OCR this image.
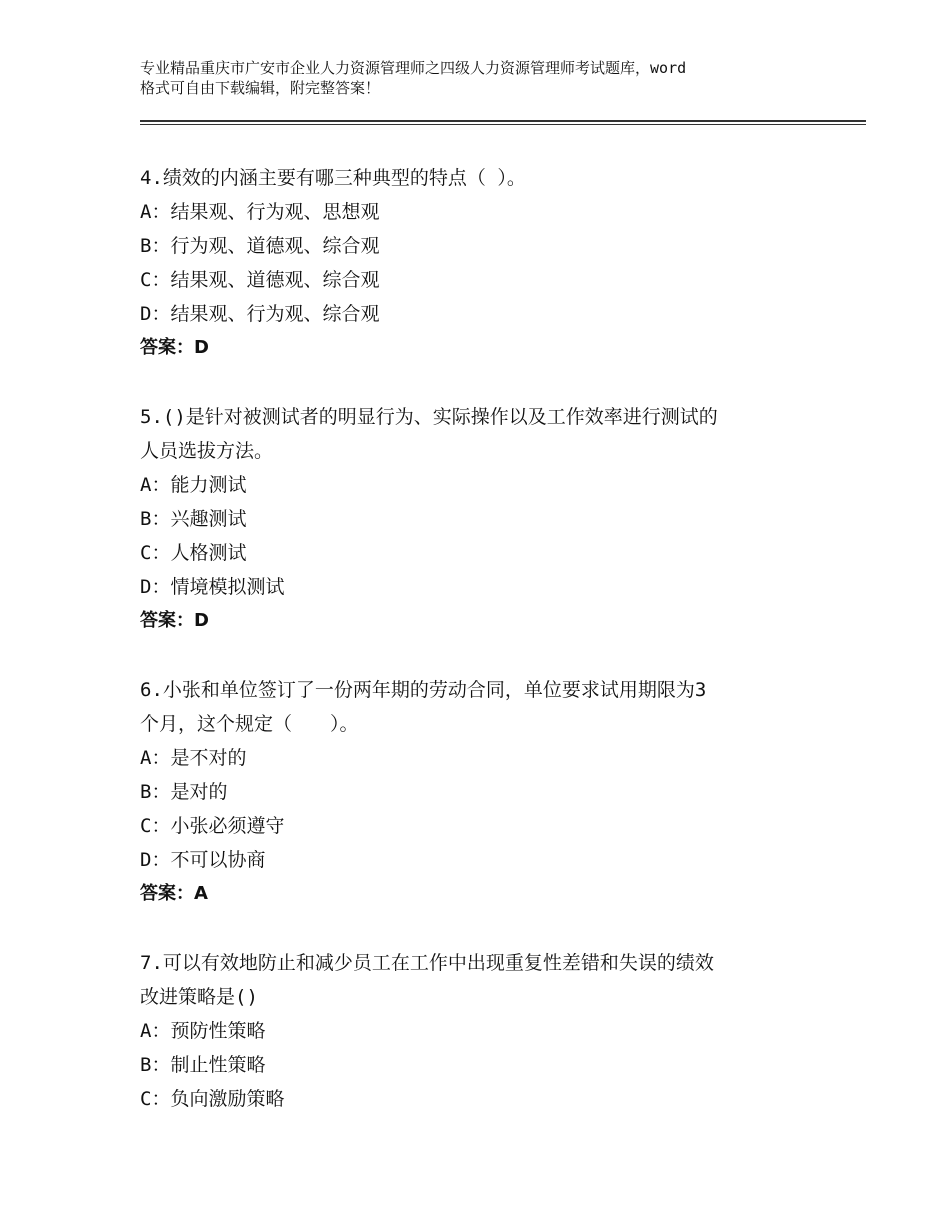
专业精品重庆市广安市企业人力资源管理师之四级人力资源管理师考试题库，word
格式可自由下载编辑，附完整答案！
4.绩效的内涵主要有哪三种典型的特点（ ）。
A：结果观、行为观、思想观
B：行为观、道德观、综合观
C：结果观、道德观、综合观
D：结果观、行为观、综合观
答案：D
5.()是针对被测试者的明显行为、实际操作以及工作效率进行测试的
人员选拔方法。
A：能力测试
B：兴趣测试
C：人格测试
D：情境模拟测试
答案：D
6.小张和单位签订了一份两年期的劳动合同，单位要求试用期限为3
个月，这个规定（　　）。
A：是不对的
B：是对的
C：小张必须遵守
D：不可以协商
答案：A
7.可以有效地防止和减少员工在工作中出现重复性差错和失误的绩效
改进策略是()
A：预防性策略
B：制止性策略
C：负向激励策略
